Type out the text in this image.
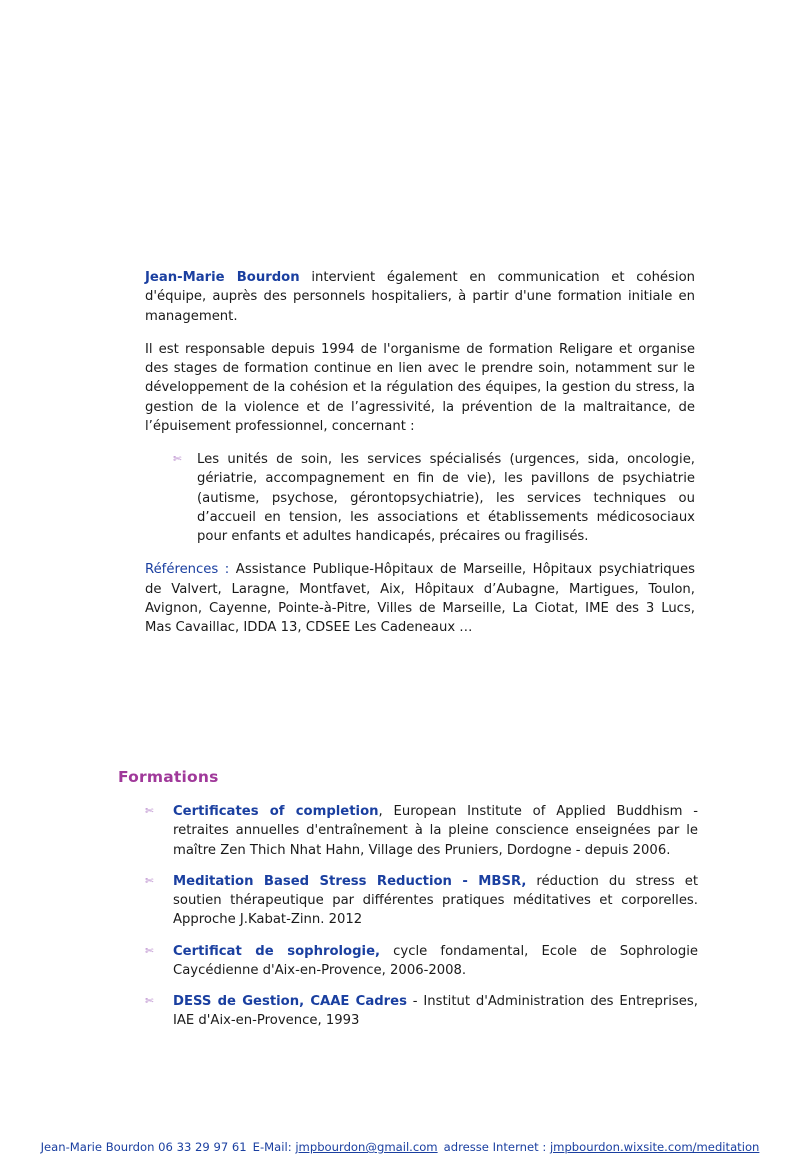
Jean-Marie Bourdon intervient également en communication et cohésion d'équipe, auprès des personnels hospitaliers, à partir d'une formation initiale en management.

Il est responsable depuis 1994 de l'organisme de formation Religare et organise des stages de formation continue en lien avec le prendre soin, notamment sur le développement de la cohésion et la régulation des équipes, la gestion du stress, la gestion de la violence et de l’agressivité, la prévention de la maltraitance, de l’épuisement professionnel, concernant :

✄ Les unités de soin, les services spécialisés (urgences, sida, oncologie, gériatrie, accompagnement en fin de vie), les pavillons de psychiatrie (autisme, psychose, gérontopsychiatrie), les services techniques ou d’accueil en tension, les associations et établissements médicosociaux pour enfants et adultes handicapés, précaires ou fragilisés.

Références : Assistance Publique-Hôpitaux de Marseille, Hôpitaux psychiatriques de Valvert, Laragne, Montfavet, Aix, Hôpitaux d’Aubagne, Martigues, Toulon, Avignon, Cayenne, Pointe-à-Pitre, Villes de Marseille, La Ciotat, IME des 3 Lucs, Mas Cavaillac, IDDA 13, CDSEE Les Cadeneaux …

Formations
✄ Certificates of completion, European Institute of Applied Buddhism - retraites annuelles d'entraînement à la pleine conscience enseignées par le maître Zen Thich Nhat Hahn, Village des Pruniers, Dordogne - depuis 2006.
✄ Meditation Based Stress Reduction - MBSR, réduction du stress et soutien thérapeutique par différentes pratiques méditatives et corporelles. Approche J.Kabat-Zinn. 2012
✄ Certificat de sophrologie, cycle fondamental, Ecole de Sophrologie Caycédienne d'Aix-en-Provence, 2006-2008.
✄ DESS de Gestion, CAAE Cadres - Institut d'Administration des Entreprises, IAE d'Aix-en-Provence, 1993
Jean-Marie Bourdon 06 33 29 97 61 E-Mail: jmpbourdon@gmail.com adresse Internet : jmpbourdon.wixsite.com/meditation
